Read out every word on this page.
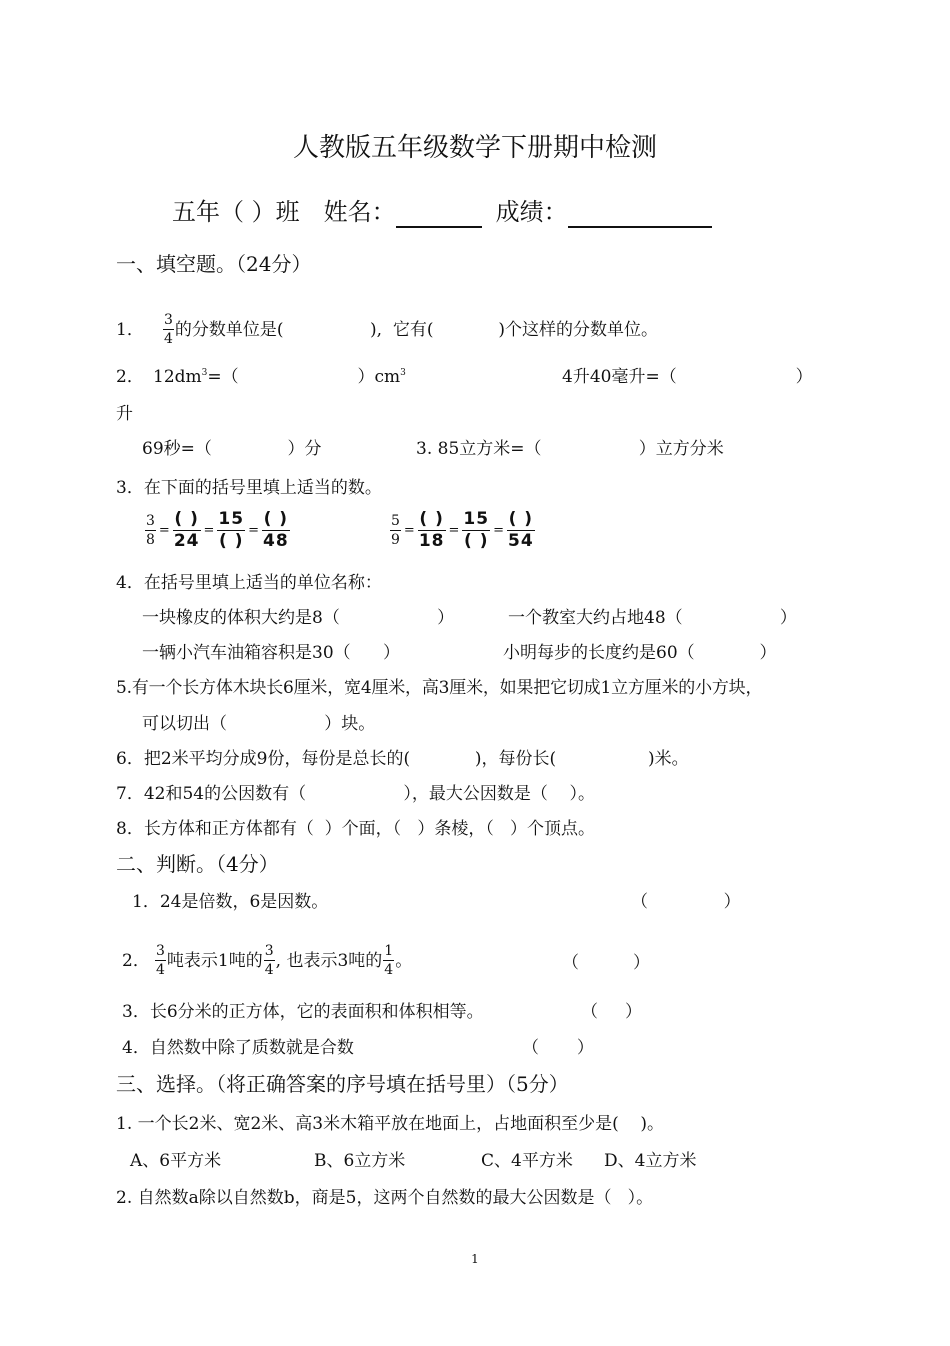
人教版五年级数学下册期中检测
五年（ ）班 姓名：	成绩：
一、填空题。（24分）
1．	$\frac{3}{4}$ 的分数单位是(                ),  它有(            )个这样的分数单位。
2． $12dm^3=$（                      ）$cm^3$	4升40毫升=（                      ）
升
69秒=（              ）分	3. 85立方米=（                  ）立方分米
3．在下面的括号里填上适当的数。
$\frac{3}{8} = \frac{( )}{24} = \frac{15}{( )} = \frac{( )}{48}$	$\frac{5}{9} = \frac{( )}{18} = \frac{15}{( )} = \frac{( )}{54}$
4．在括号里填上适当的单位名称：
一块橡皮的体积大约是8（                  ）	一个教室大约占地48（                  ）
一辆小汽车油箱容积是30（      ）	小明每步的长度约是60（            ）
5.有一个长方体木块长6厘米，宽4厘米，高3厘米，如果把它切成1立方厘米的小方块，
可以切出（                  ）块。
6．把2米平均分成9份，每份是总长的(            )，每份长(                 )米。
7．42和54的公因数有（                  ），最大公因数是（    ）。
8．长方体和正方体都有（  ）个面，（   ）条棱，（   ）个顶点。
二、判断。（4分）
1．24是倍数，6是因数。	（              ）
2． $\frac{3}{4}$ 吨表示1吨的 $\frac{3}{4}$ , 也表示3吨的 $\frac{1}{4}$ 。	（          ）
3．长6分米的正方体，它的表面积和体积相等。	（     ）
4．自然数中除了质数就是合数	（       ）
三、选择。（将正确答案的序号填在括号里）（5分）
1. 一个长2米、宽2米、高3米木箱平放在地面上，占地面积至少是(    )。
A、6平方米	B、6立方米	C、4平方米 D、4立方米
2. 自然数a除以自然数b，商是5，这两个自然数的最大公因数是（   ）。
1
